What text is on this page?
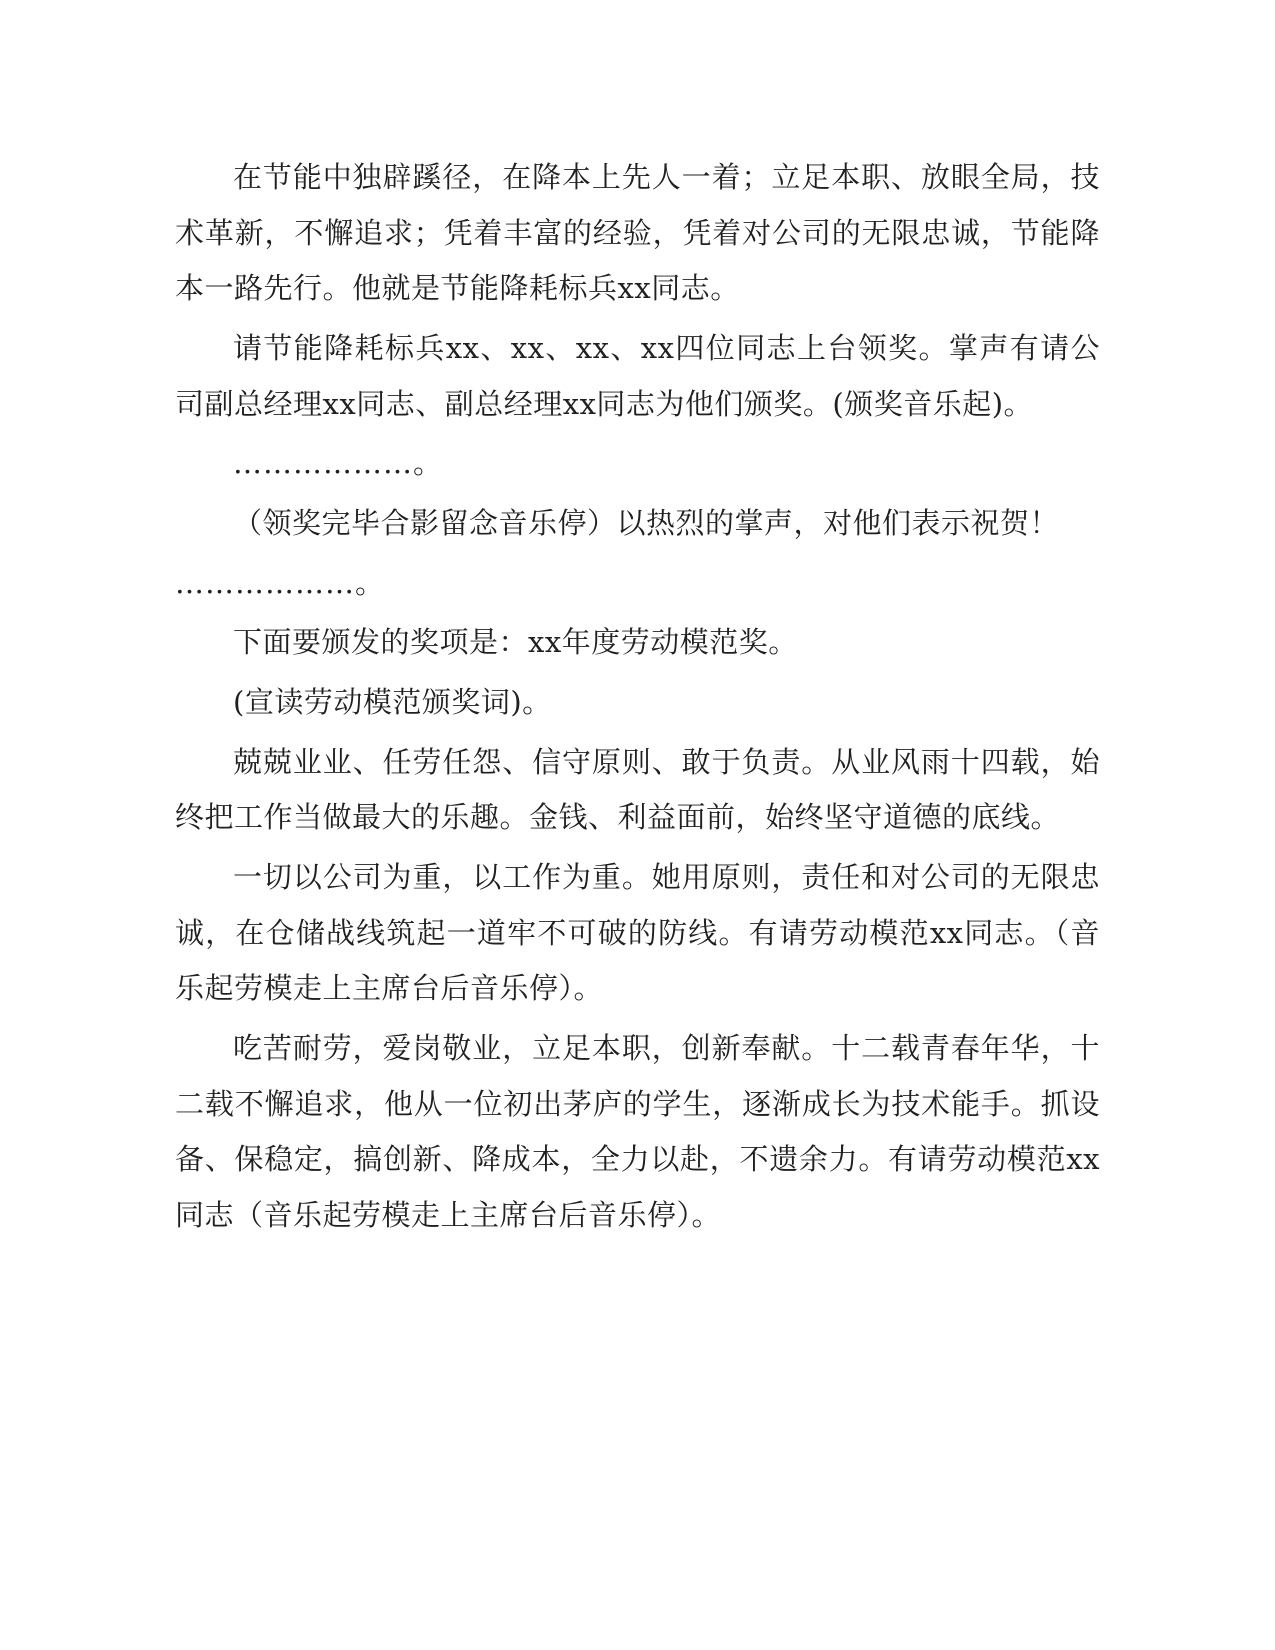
在节能中独辟蹊径，在降本上先人一着；立足本职、放眼全局，技术革新，不懈追求；凭着丰富的经验，凭着对公司的无限忠诚，节能降本一路先行。他就是节能降耗标兵xx同志。

请节能降耗标兵xx、xx、xx、xx四位同志上台领奖。掌声有请公司副总经理xx同志、副总经理xx同志为他们颁奖。(颁奖音乐起)。

………………。

（领奖完毕合影留念音乐停）以热烈的掌声，对他们表示祝贺！

………………。

下面要颁发的奖项是：xx年度劳动模范奖。

(宣读劳动模范颁奖词)。

兢兢业业、任劳任怨、信守原则、敢于负责。从业风雨十四载，始终把工作当做最大的乐趣。金钱、利益面前，始终坚守道德的底线。

一切以公司为重，以工作为重。她用原则，责任和对公司的无限忠诚，在仓储战线筑起一道牢不可破的防线。有请劳动模范xx同志。（音乐起劳模走上主席台后音乐停）。

吃苦耐劳，爱岗敬业，立足本职，创新奉献。十二载青春年华，十二载不懈追求，他从一位初出茅庐的学生，逐渐成长为技术能手。抓设备、保稳定，搞创新、降成本，全力以赴，不遗余力。有请劳动模范xx同志（音乐起劳模走上主席台后音乐停）。
